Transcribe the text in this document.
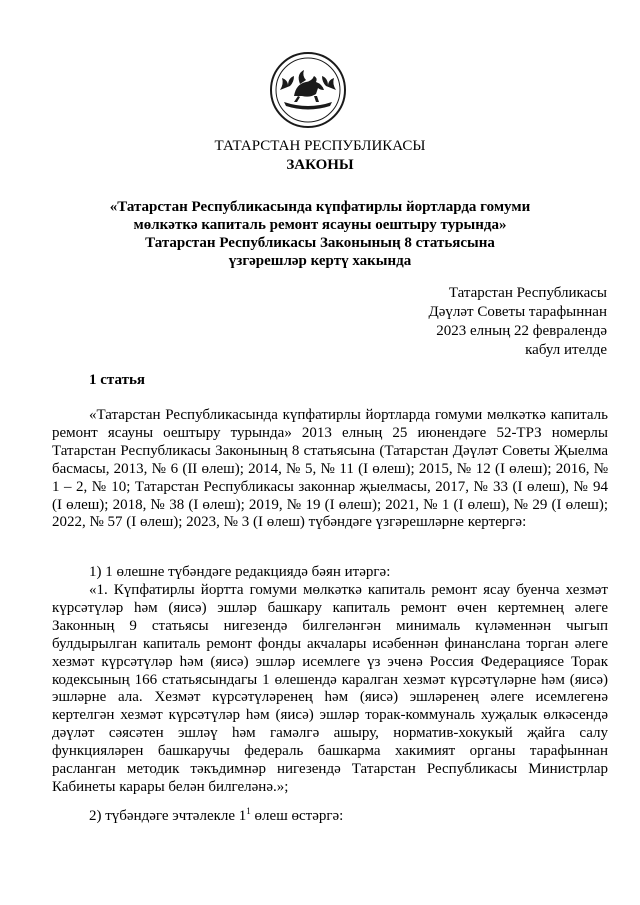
ТАТАРСТАН РЕСПУБЛИКАСЫ
ЗАКОНЫ
«Татарстан Республикасында күпфатирлы йортларда гомуми
мөлкәткә капиталь ремонт ясауны оештыру турында»
Татарстан Республикасы Законының 8 статьясына
үзгәрешләр кертү хакында
Татарстан Республикасы
Дәүләт Советы тарафыннан
2023 елның 22 февралендә
кабул ителде
1 статья
«Татарстан Республикасында күпфатирлы йортларда гомуми мөлкәткә капиталь ремонт ясауны оештыру турында» 2013 елның 25 июнендәге 52-ТРЗ номерлы Татарстан Республикасы Законының 8 статьясына (Татарстан Дәүләт Советы Җыелма басмасы, 2013, № 6 (II өлеш); 2014, № 5, № 11 (I өлеш); 2015, № 12 (I өлеш); 2016, № 1 – 2, № 10; Татарстан Республикасы законнар җыелмасы, 2017, № 33 (I өлеш), № 94 (I өлеш); 2018, № 38 (I өлеш); 2019, № 19 (I өлеш); 2021, № 1 (I өлеш), № 29 (I өлеш); 2022, № 57 (I өлеш); 2023, № 3 (I өлеш) түбәндәге үзгәрешләрне кертергә:
1) 1 өлешне түбәндәге редакциядә бәян итәргә:
«1. Күпфатирлы йортта гомуми мөлкәткә капиталь ремонт ясау буенча хезмәт күрсәтүләр һәм (яисә) эшләр башкару капиталь ремонт өчен кертемнең әлеге Законның 9 статьясы нигезендә билгеләнгән минималь күләменнән чыгып булдырылган капиталь ремонт фонды акчалары исәбеннән финанслана торган әлеге хезмәт күрсәтүләр һәм (яисә) эшләр исемлеге үз эченә Россия Федерациясе Торак кодексының 166 статьясындагы 1 өлешендә каралган хезмәт күрсәтүләрне һәм (яисә) эшләрне ала. Хезмәт күрсәтүләренең һәм (яисә) эшләренең әлеге исемлегенә кертелгән хезмәт күрсәтүләр һәм (яисә) эшләр торак-коммуналь хуҗалык өлкәсендә дәүләт сәясәтен эшләү һәм гамәлгә ашыру, норматив-хокукый җайга салу функцияләрен башкаручы федераль башкарма хакимият органы тарафыннан расланган методик тәкъдимнәр нигезендә Татарстан Республикасы Министрлар Кабинеты карары белән билгеләнә.»;
2) түбәндәге эчтәлекле $1^1$ өлеш өстәргә:
